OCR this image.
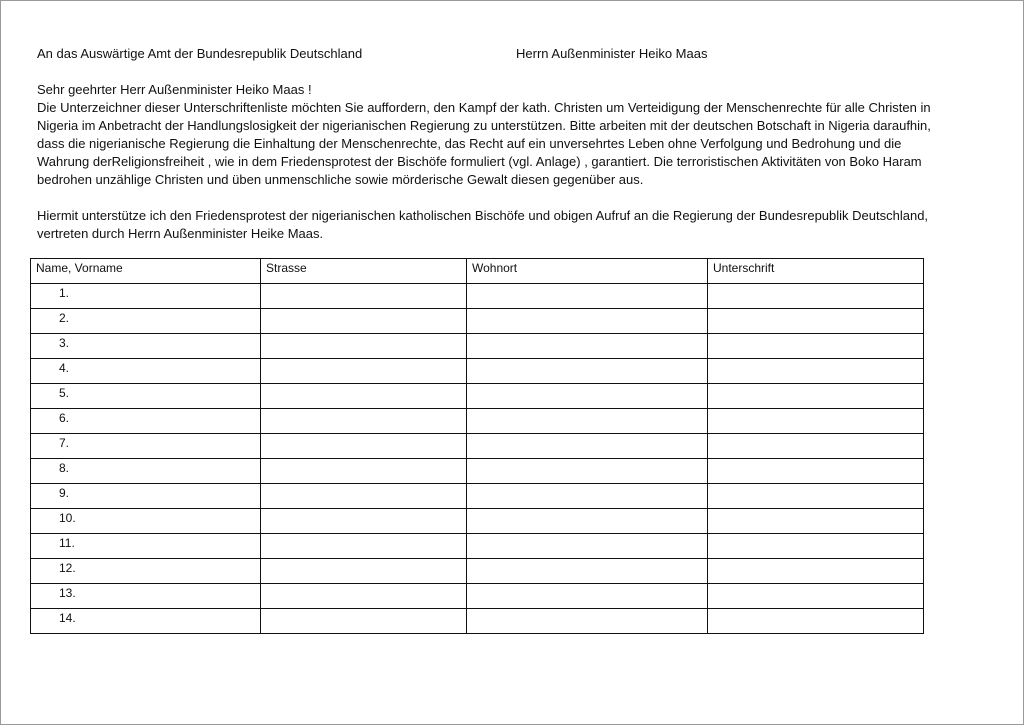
An das Auswärtige Amt der Bundesrepublik Deutschland	Herrn Außenminister Heiko Maas

Sehr geehrter Herr Außenminister Heiko Maas !

Die Unterzeichner dieser Unterschriftenliste möchten Sie auffordern, den Kampf der kath. Christen um Verteidigung der Menschenrechte für alle Christen in
Nigeria im Anbetracht der Handlungslosigkeit der nigerianischen Regierung zu unterstützen. Bitte arbeiten mit der deutschen Botschaft in Nigeria daraufhin,
dass die nigerianische Regierung die Einhaltung der Menschenrechte, das Recht auf ein unversehrtes Leben ohne Verfolgung und Bedrohung und die
Wahrung derReligionsfreiheit , wie in dem Friedensprotest der Bischöfe formuliert (vgl. Anlage) , garantiert. Die terroristischen Aktivitäten von Boko Haram
bedrohen unzählige Christen und üben unmenschliche sowie mörderische Gewalt diesen gegenüber aus.

Hiermit unterstütze ich den Friedensprotest der nigerianischen katholischen Bischöfe und obigen Aufruf an die Regierung der Bundesrepublik Deutschland,
vertreten durch Herrn Außenminister Heike Maas.

Name, Vorname	Strasse	Wohnort	Unterschrift
1.			
2.			
3.			
4.			
5.			
6.			
7.			
8.			
9.			
10.			
11.			
12.			
13.			
14.			
